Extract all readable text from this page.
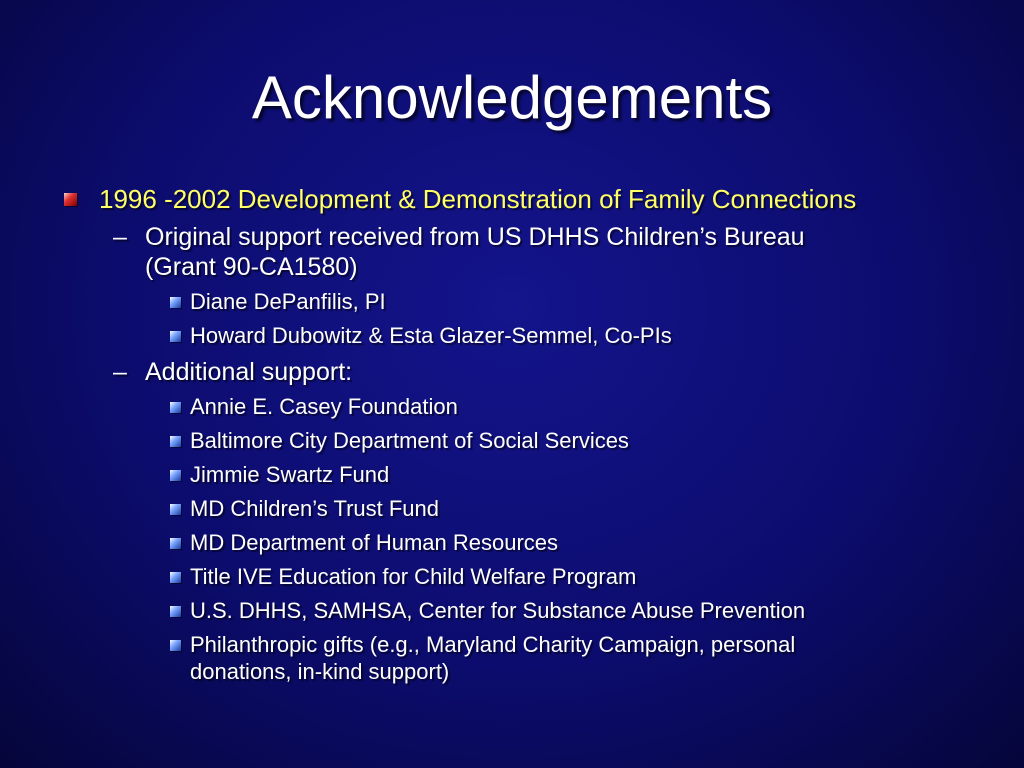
Acknowledgements
1996 -2002 Development & Demonstration of Family Connections
– Original support received from US DHHS Children’s Bureau
(Grant 90-CA1580)
Diane DePanfilis, PI
Howard Dubowitz & Esta Glazer-Semmel, Co-PIs
– Additional support:
Annie E. Casey Foundation
Baltimore City Department of Social Services
Jimmie Swartz Fund
MD Children’s Trust Fund
MD Department of Human Resources
Title IVE Education for Child Welfare Program
U.S. DHHS, SAMHSA, Center for Substance Abuse Prevention
Philanthropic gifts (e.g., Maryland Charity Campaign, personal
donations, in-kind support)
